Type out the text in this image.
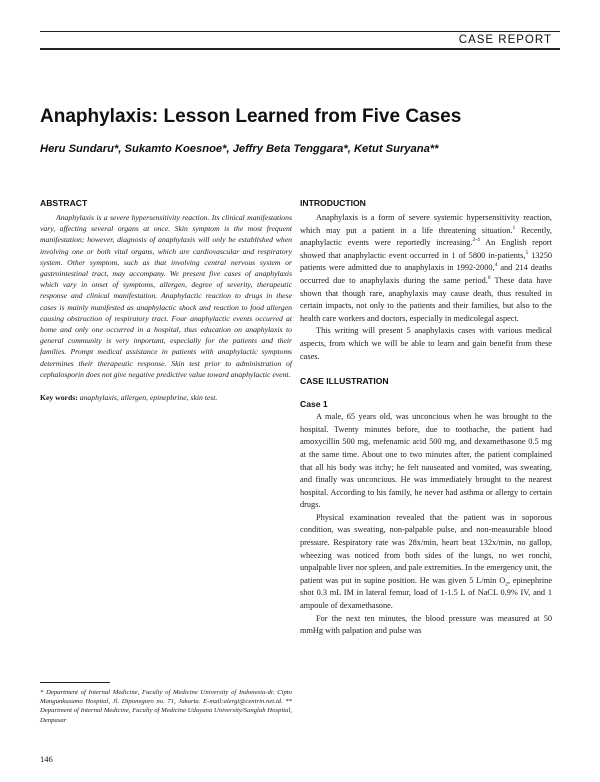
CASE REPORT
Anaphylaxis: Lesson Learned from Five Cases
Heru Sundaru*, Sukamto Koesnoe*, Jeffry Beta Tenggara*, Ketut Suryana**
ABSTRACT

Anaphylaxis is a severe hypersensitivity reaction. Its clinical manifestations vary, affecting several organs at once. Skin symptom is the most frequent manifestation; however, diagnosis of anaphylaxis will only be established when involving one or both vital organs, which are cardiovascular and respiratory system. Other symptom, such as that involving central nervous system or gastrointestinal tract, may accompany. We present five cases of anaphylaxis which vary in onset of symptoms, allergen, degree of severity, therapeutic response and clinical manifestation. Anaphylactic reaction to drugs in these cases is mainly manifested as anaphylactic shock and reaction to food allergen causing obstruction of respiratory tract. Four anaphylactic events occurred at home and only one occurred in a hospital, thus education on anaphylaxis to general community is very important, especially for the patients and their families. Prompt medical assistance in patients with anaphylactic symptoms determines their therapeutic response. Skin test prior to administration of cephalosporin does not give negative predictive value toward anaphylactic event.

Key words: anaphylaxis, allergen, epinephrine, skin test.

* Department of Internal Medicine, Faculty of Medicine University of Indonesia-dr. Cipto Mangunkusumo Hospital, Jl. Diponegoro no. 71, Jakarta. E-mail:alergi@centrin.net.id. ** Department of Internal Medicine, Faculty of Medicine Udayana University/Sanglah Hospital, Denpasar

146
INTRODUCTION

Anaphylaxis is a form of severe systemic hypersensitivity reaction, which may put a patient in a life threatening situation.$^1$ Recently, anaphylactic events were reportedly increasing.$^{2-4}$ An English report showed that anaphylactic event occurred in 1 of 5800 in-patients,$^5$ 13250 patients were admitted due to anaphylaxis in 1992-2000,$^4$ and 214 deaths occurred due to anaphylaxis during the same period.$^6$ These data have shown that though rare, anaphylaxis may cause death, thus resulted in certain impacts, not only to the patients and their families, but also to the health care workers and doctors, especially in medicolegal aspect.

This writing will present 5 anaphylaxis cases with various medical aspects, from which we will be able to learn and gain benefit from these cases.

CASE ILLUSTRATION
Case 1

A male, 65 years old, was unconcious when he was brought to the hospital. Twenty minutes before, due to toothache, the patient had amoxycillin 500 mg, mefenamic acid 500 mg, and dexamethasone 0.5 mg at the same time. About one to two minutes after, the patient complained that all his body was itchy; he felt nauseated and vomited, was sweating, and finally was unconcious. He was immediately brought to the nearest hospital. According to his family, he never had asthma or allergy to certain drugs.

Physical examination revealed that the patient was in soporous condition, was sweating, non-palpable pulse, and non-measurable blood pressure. Respiratory rate was 28x/min, heart beat 132x/min, no gallop, wheezing was noticed from both sides of the lungs, no wet ronchi, unpalpable liver nor spleen, and pale extremities. In the emergency unit, the patient was put in supine position. He was given 5 L/min $O_2$, epinephrine shot 0.3 mL IM in lateral femur, load of 1-1.5 L of NaCL 0.9% IV, and 1 ampoule of dexamethasone.

For the next ten minutes, the blood pressure was measured at 50 mmHg with palpation and pulse was
